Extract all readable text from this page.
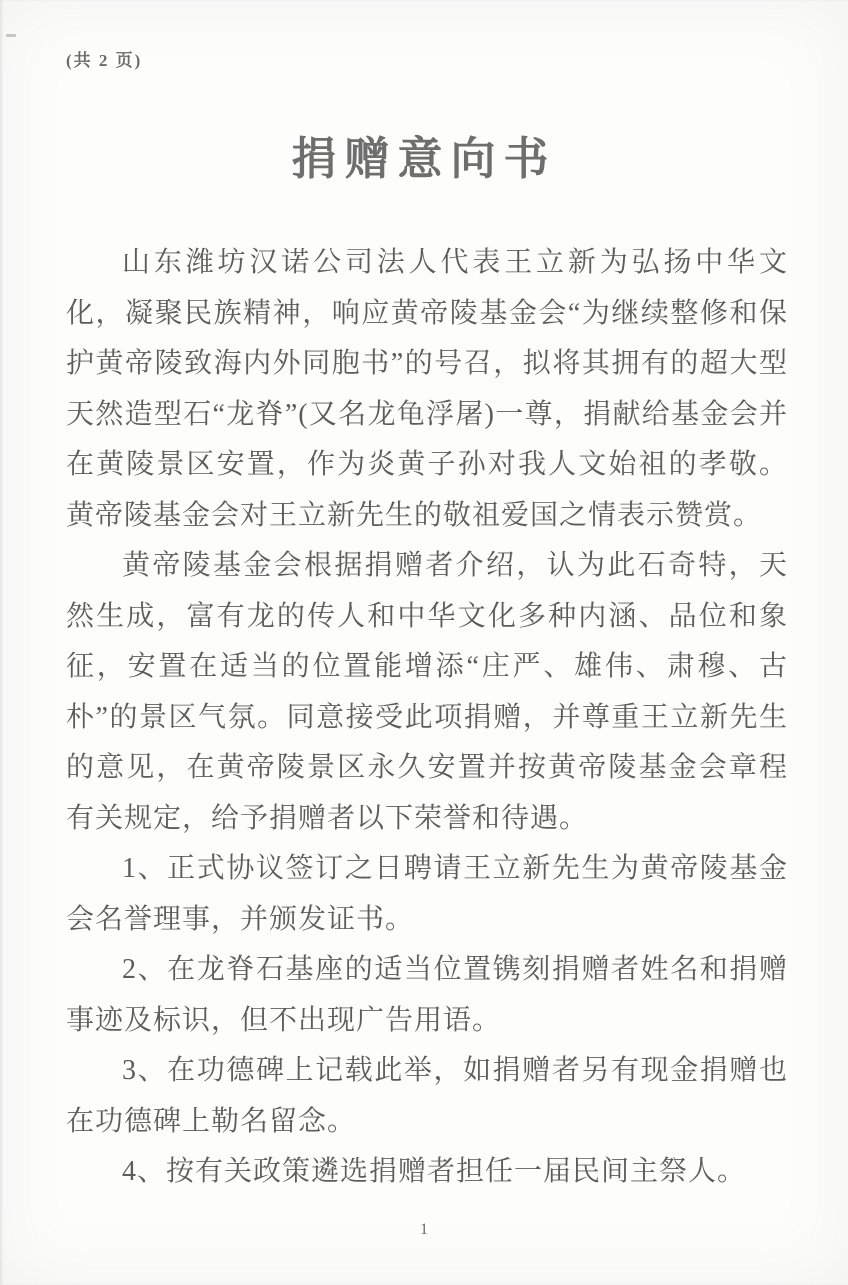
(共 2 页)
捐赠意向书

山东潍坊汉诺公司法人代表王立新为弘扬中华文化，凝聚民族精神，响应黄帝陵基金会“为继续整修和保护黄帝陵致海内外同胞书”的号召，拟将其拥有的超大型天然造型石“龙脊”(又名龙龟浮屠)一尊，捐献给基金会并在黄陵景区安置，作为炎黄子孙对我人文始祖的孝敬。黄帝陵基金会对王立新先生的敬祖爱国之情表示赞赏。

黄帝陵基金会根据捐赠者介绍，认为此石奇特，天然生成，富有龙的传人和中华文化多种内涵、品位和象征，安置在适当的位置能增添“庄严、雄伟、肃穆、古朴”的景区气氛。同意接受此项捐赠，并尊重王立新先生的意见，在黄帝陵景区永久安置并按黄帝陵基金会章程有关规定，给予捐赠者以下荣誉和待遇。

1、正式协议签订之日聘请王立新先生为黄帝陵基金会名誉理事，并颁发证书。

2、在龙脊石基座的适当位置镌刻捐赠者姓名和捐赠事迹及标识，但不出现广告用语。

3、在功德碑上记载此举，如捐赠者另有现金捐赠也在功德碑上勒名留念。

4、按有关政策遴选捐赠者担任一届民间主祭人。

1
